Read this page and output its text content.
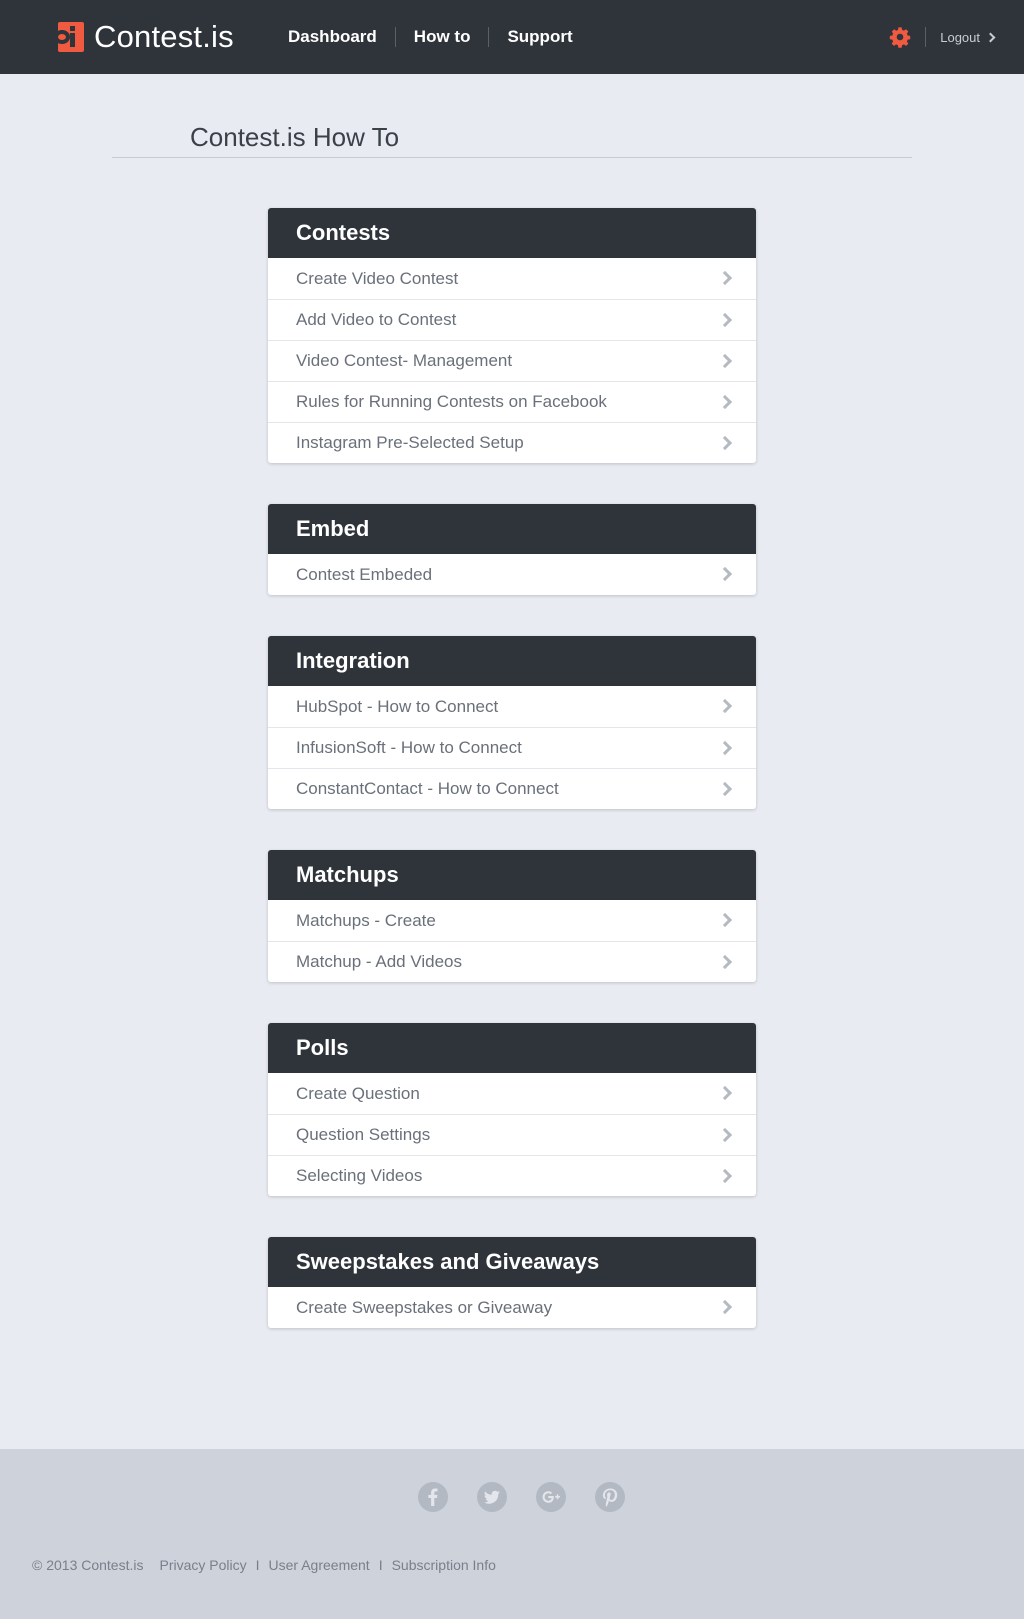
Contest.is	Dashboard	How to	Support	Logout
Contest.is How To
Contests
Create Video Contest
Add Video to Contest
Video Contest- Management
Rules for Running Contests on Facebook
Instagram Pre-Selected Setup
Embed
Contest Embeded
Integration
HubSpot - How to Connect
InfusionSoft - How to Connect
ConstantContact - How to Connect
Matchups
Matchups - Create
Matchup - Add Videos
Polls
Create Question
Question Settings
Selecting Videos
Sweepstakes and Giveaways
Create Sweepstakes or Giveaway
© 2013 Contest.is Privacy Policy I User Agreement I Subscription Info
